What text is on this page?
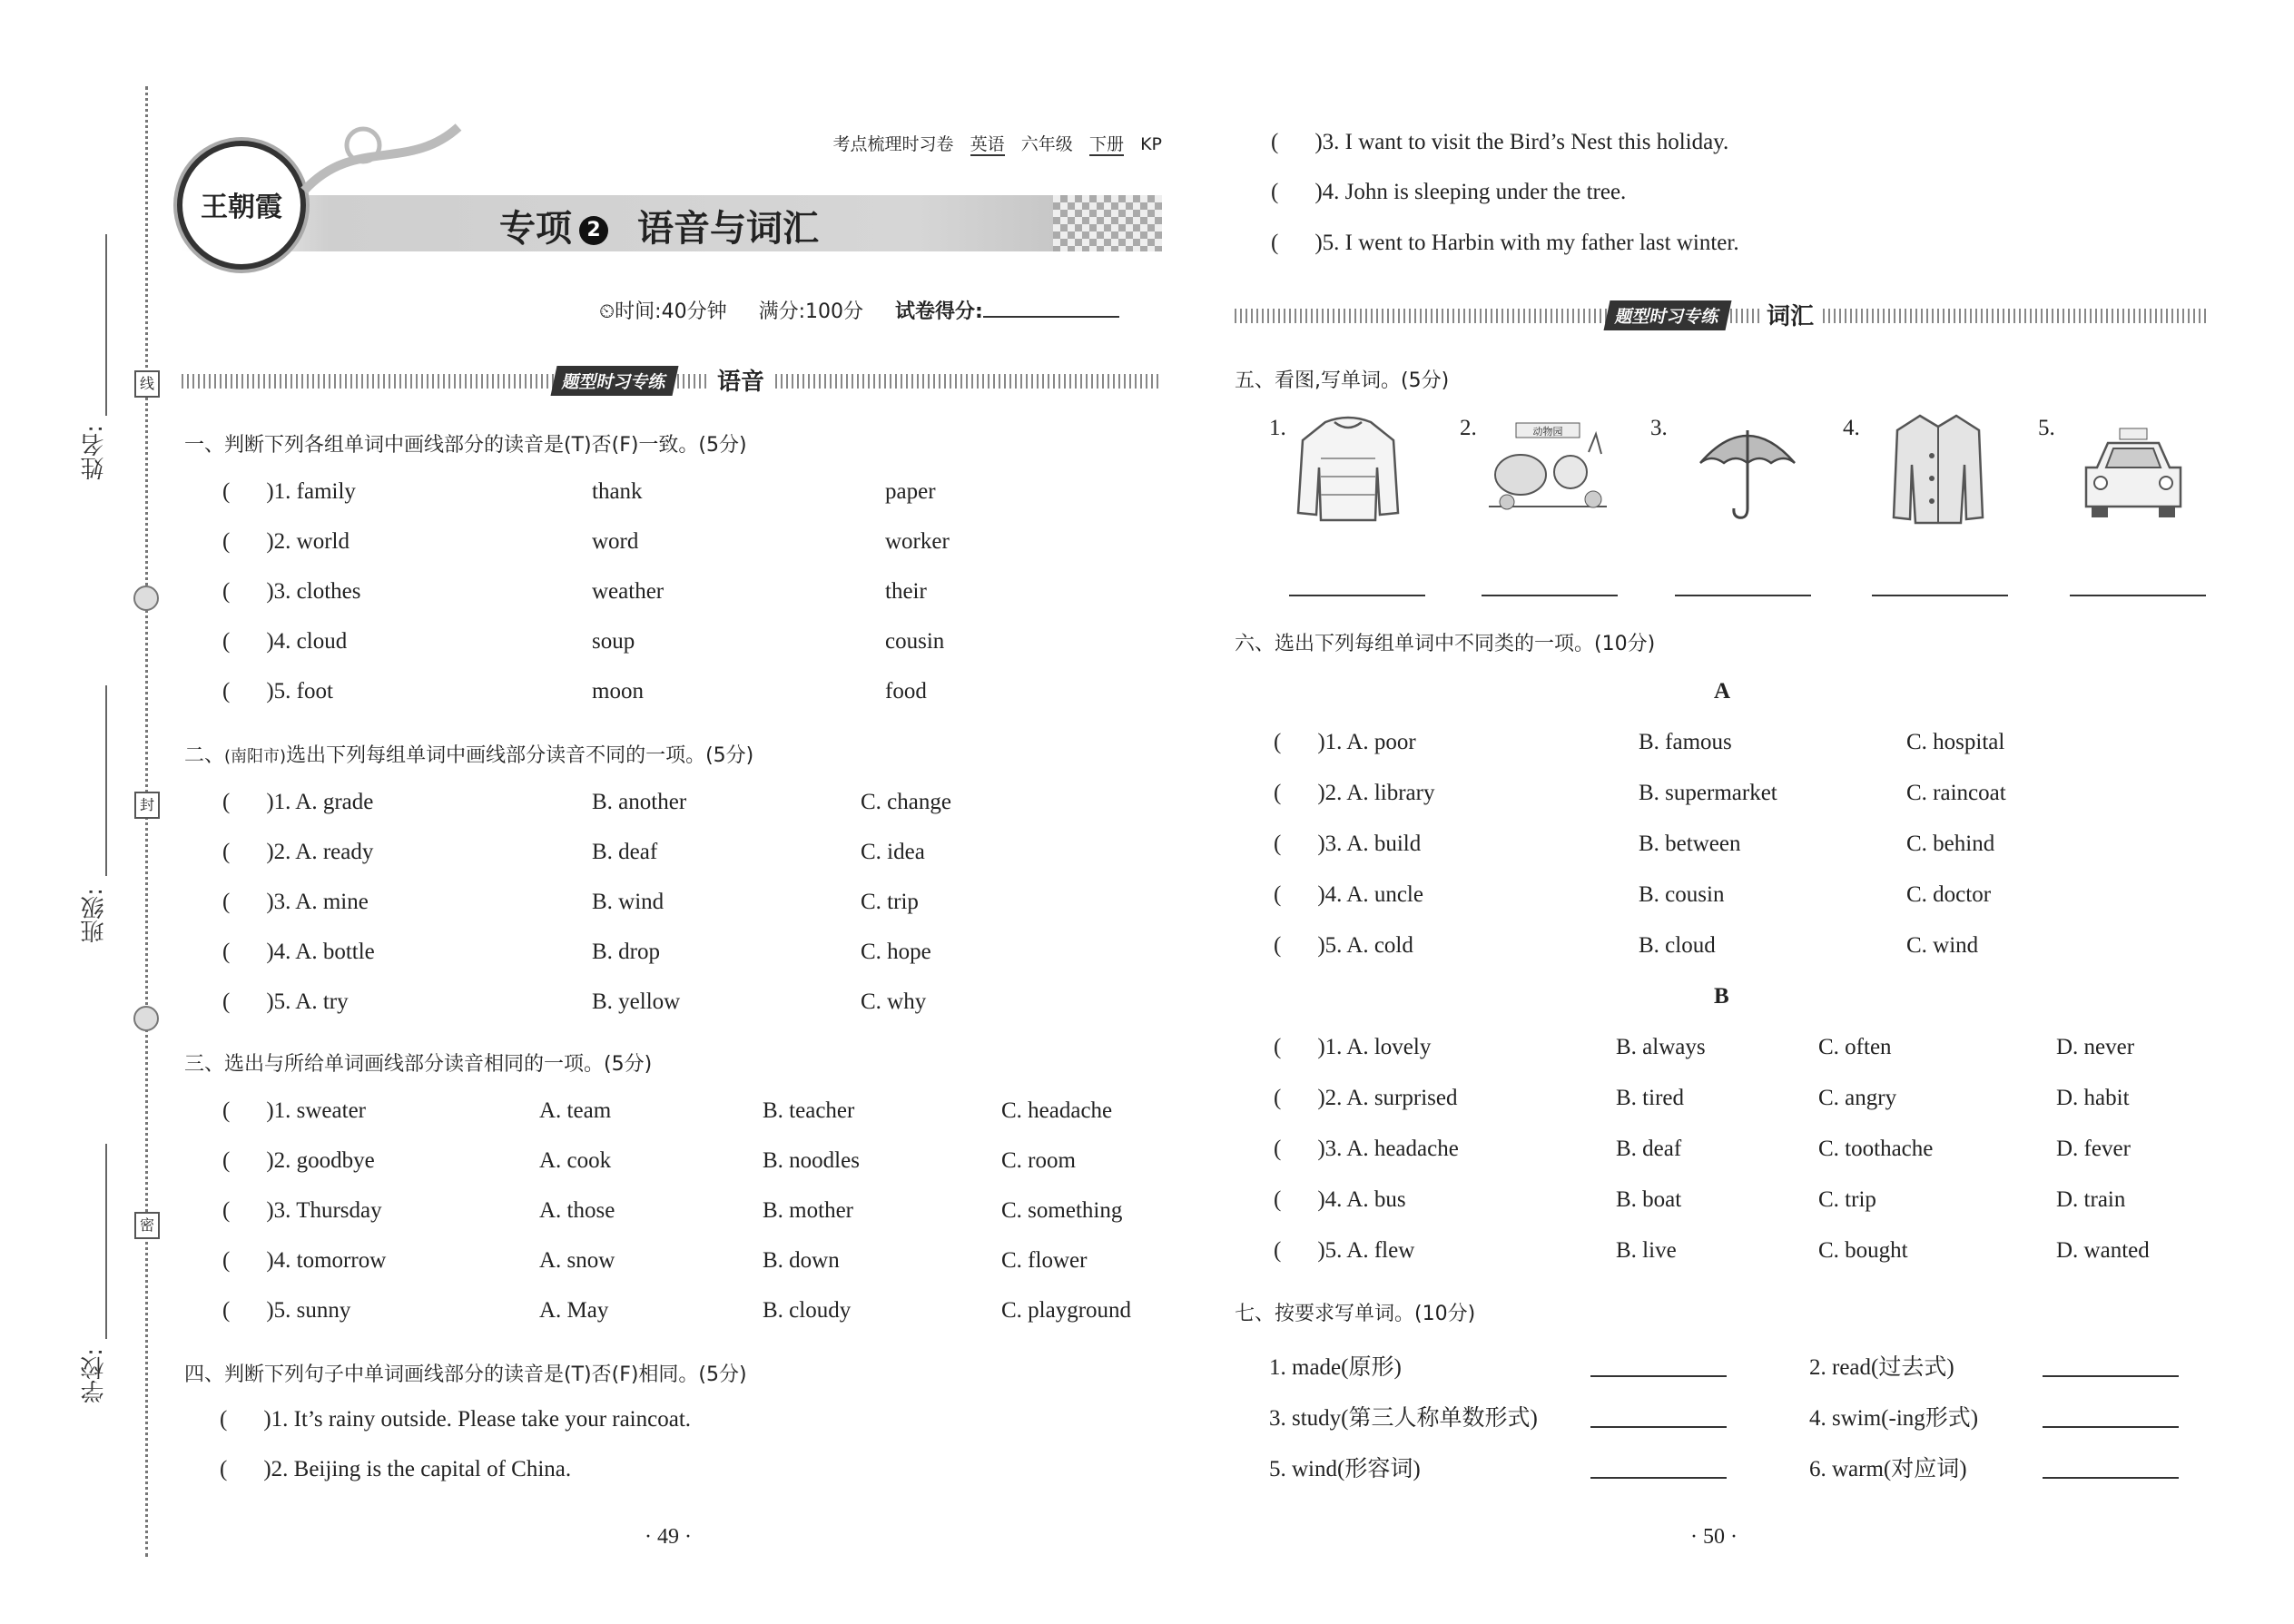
姓名:
班级:
学校:
线
封
密
王朝霞
考点梳理时习卷 英语 六年级 下册 KP
专项 2 语音与词汇
⏲时间:40分钟 满分:100分 试卷得分:
题型时习专练	语音
一、判断下列各组单词中画线部分的读音是(T)否(F)一致。(5分)
( )1. family	thank	paper
( )2. world	word	worker
( )3. clothes	weather	their
( )4. cloud	soup	cousin
( )5. foot	moon	food
二、(南阳市)选出下列每组单词中画线部分读音不同的一项。(5分)
( )1. A. grade	B. another	C. change
( )2. A. ready	B. deaf	C. idea
( )3. A. mine	B. wind	C. trip
( )4. A. bottle	B. drop	C. hope
( )5. A. try	B. yellow	C. why
三、选出与所给单词画线部分读音相同的一项。(5分)
( )1. sweater	A. team	B. teacher	C. headache
( )2. goodbye	A. cook	B. noodles	C. room
( )3. Thursday	A. those	B. mother	C. something
( )4. tomorrow	A. snow	B. down	C. flower
( )5. sunny	A. May	B. cloudy	C. playground
四、判断下列句子中单词画线部分的读音是(T)否(F)相同。(5分)
( )1. It’s rainy outside. Please take your raincoat.
( )2. Beijing is the capital of China.
· 49 ·
( )3. I want to visit the Bird’s Nest this holiday.
( )4. John is sleeping under the tree.
( )5. I went to Harbin with my father last winter.
题型时习专练	词汇
五、看图,写单词。(5分)
1.	2.	3.	4.	5.
动物园
六、选出下列每组单词中不同类的一项。(10分)
A
( )1. A. poor	B. famous	C. hospital
( )2. A. library	B. supermarket	C. raincoat
( )3. A. build	B. between	C. behind
( )4. A. uncle	B. cousin	C. doctor
( )5. A. cold	B. cloud	C. wind
B
( )1. A. lovely	B. always	C. often	D. never
( )2. A. surprised	B. tired	C. angry	D. habit
( )3. A. headache	B. deaf	C. toothache	D. fever
( )4. A. bus	B. boat	C. trip	D. train
( )5. A. flew	B. live	C. bought	D. wanted
七、按要求写单词。(10分)
1. made(原形)	2. read(过去式)
3. study(第三人称单数形式)	4. swim(-ing形式)
5. wind(形容词)	6. warm(对应词)
· 50 ·
